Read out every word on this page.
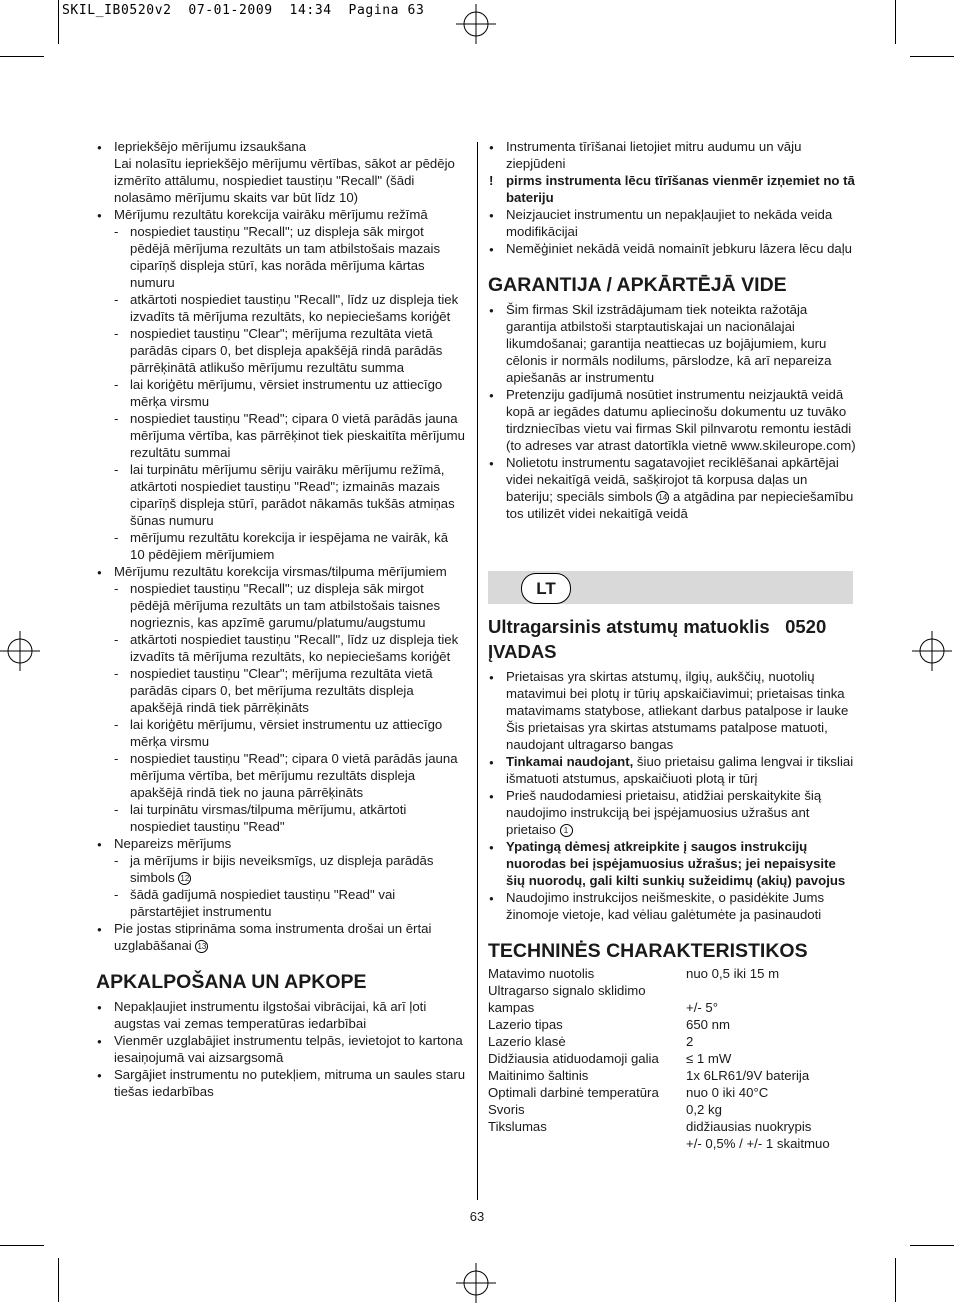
SKIL_IB0520v2 07-01-2009 14:34 Pagina 63
● Iepriekšējo mērījumu izsaukšana
Lai nolasītu iepriekšējo mērījumu vērtības, sākot ar pēdējo izmērīto attālumu, nospiediet taustiņu "Recall" (šādi nolasāmo mērījumu skaits var būt līdz 10)
● Mērījumu rezultātu korekcija vairāku mērījumu režīmā
- nospiediet taustiņu "Recall"; uz displeja sāk mirgot pēdējā mērījuma rezultāts un tam atbilstošais mazais ciparīņš displeja stūrī, kas norāda mērījuma kārtas numuru
- atkārtoti nospiediet taustiņu "Recall", līdz uz displeja tiek izvadīts tā mērījuma rezultāts, ko nepieciešams koriģēt
- nospiediet taustiņu "Clear"; mērījuma rezultāta vietā parādās cipars 0, bet displeja apakšējā rindā parādās pārrēķinātā atlikušo mērījumu rezultātu summa
- lai koriģētu mērījumu, vērsiet instrumentu uz attiecīgo mērķa virsmu
- nospiediet taustiņu "Read"; cipara 0 vietā parādās jauna mērījuma vērtība, kas pārrēķinot tiek pieskaitīta mērījumu rezultātu summai
- lai turpinātu mērījumu sēriju vairāku mērījumu režīmā, atkārtoti nospiediet taustiņu "Read"; izmainās mazais ciparīņš displeja stūrī, parādot nākamās tukšās atmiņas šūnas numuru
- mērījumu rezultātu korekcija ir iespējama ne vairāk, kā 10 pēdējiem mērījumiem
● Mērījumu rezultātu korekcija virsmas/tilpuma mērījumiem
- nospiediet taustiņu "Recall"; uz displeja sāk mirgot pēdējā mērījuma rezultāts un tam atbilstošais taisnes nogrieznis, kas apzīmē garumu/platumu/augstumu
- atkārtoti nospiediet taustiņu "Recall", līdz uz displeja tiek izvadīts tā mērījuma rezultāts, ko nepieciešams koriģēt
- nospiediet taustiņu "Clear"; mērījuma rezultāta vietā parādās cipars 0, bet mērījuma rezultāts displeja apakšējā rindā tiek pārrēķināts
- lai koriģētu mērījumu, vērsiet instrumentu uz attiecīgo mērķa virsmu
- nospiediet taustiņu "Read"; cipara 0 vietā parādās jauna mērījuma vērtība, bet mērījumu rezultāts displeja apakšējā rindā tiek no jauna pārrēķināts
- lai turpinātu virsmas/tilpuma mērījumu, atkārtoti nospiediet taustiņu "Read"
● Nepareizs mērījums
- ja mērījums ir bijis neveiksmīgs, uz displeja parādās simbols 12
- šādā gadījumā nospiediet taustiņu "Read" vai pārstartējiet instrumentu
● Pie jostas stiprināma soma instrumenta drošai un ērtai uzglabāšanai 13
APKALPOŠANA UN APKOPE
● Nepakļaujiet instrumentu ilgstošai vibrācijai, kā arī ļoti augstas vai zemas temperatūras iedarbībai
● Vienmēr uzglabājiet instrumentu telpās, ievietojot to kartona iesaiņojumā vai aizsargsomā
● Sargājiet instrumentu no putekļiem, mitruma un saules staru tiešas iedarbības
● Instrumenta tīrīšanai lietojiet mitru audumu un vāju ziepjūdeni
! pirms instrumenta lēcu tīrīšanas vienmēr izņemiet no tā bateriju
● Neizjauciet instrumentu un nepakļaujiet to nekāda veida modifikācijai
● Neměģiniet nekādā veidā nomainīt jebkuru lāzera lēcu daļu
GARANTIJA / APKĀRTĒJĀ VIDE
● Šim firmas Skil izstrādājumam tiek noteikta ražotāja garantija atbilstoši starptautiskajai un nacionālajai likumdošanai; garantija neattiecas uz bojājumiem, kuru cēlonis ir normāls nodilums, pārslodze, kā arī nepareiza apiešanās ar instrumentu
● Pretenziju gadījumā nosūtiet instrumentu neizjauktā veidā kopā ar iegādes datumu apliecinošu dokumentu uz tuvāko tirdzniecības vietu vai firmas Skil pilnvarotu remontu iestādi (to adreses var atrast datortīkla vietnē www.skileurope.com)
● Nolietotu instrumentu sagatavojiet reciklēšanai apkārtējai videi nekaitīgā veidā, sašķirojot tā korpusa daļas un bateriju; speciāls simbols 14 a atgādina par nepieciešamību tos utilizēt videi nekaitīgā veidā
LT
Ultragarsinis atstumų matuoklis   0520
ĮVADAS
● Prietaisas yra skirtas atstumų, ilgių, aukščių, nuotolių matavimui bei plotų ir tūrių apskaičiavimui; prietaisas tinka matavimams statybose, atliekant darbus patalpose ir lauke Šis prietaisas yra skirtas atstumams patalpose matuoti, naudojant ultragarso bangas
● Tinkamai naudojant, šiuo prietaisu galima lengvai ir tiksliai išmatuoti atstumus, apskaičiuoti plotą ir tūrį
● Prieš naudodamiesi prietaisu, atidžiai perskaitykite šią naudojimo instrukciją bei įspėjamuosius užrašus ant prietaiso 1
● Ypatingą dėmesį atkreipkite į saugos instrukcijų nuorodas bei įspėjamuosius užrašus; jei nepaisysite šių nuorodų, gali kilti sunkių sužeidimų (akių) pavojus
● Naudojimo instrukcijos neišmeskite, o pasidėkite Jums žinomoje vietoje, kad vėliau galėtumėte ja pasinaudoti
TECHNINĖS CHARAKTERISTIKOS
Matavimo nuotolis	nuo 0,5 iki 15 m
Ultragarso signalo sklidimo
kampas	+/- 5°
Lazerio tipas	650 nm
Lazerio klasė	2
Didžiausia atiduodamoji galia	≤ 1 mW
Maitinimo šaltinis	1x 6LR61/9V baterija
Optimali darbinė temperatūra	nuo 0 iki 40°C
Svoris	0,2 kg
Tikslumas	didžiausias nuokrypis
+/- 0,5% / +/- 1 skaitmuo
63
